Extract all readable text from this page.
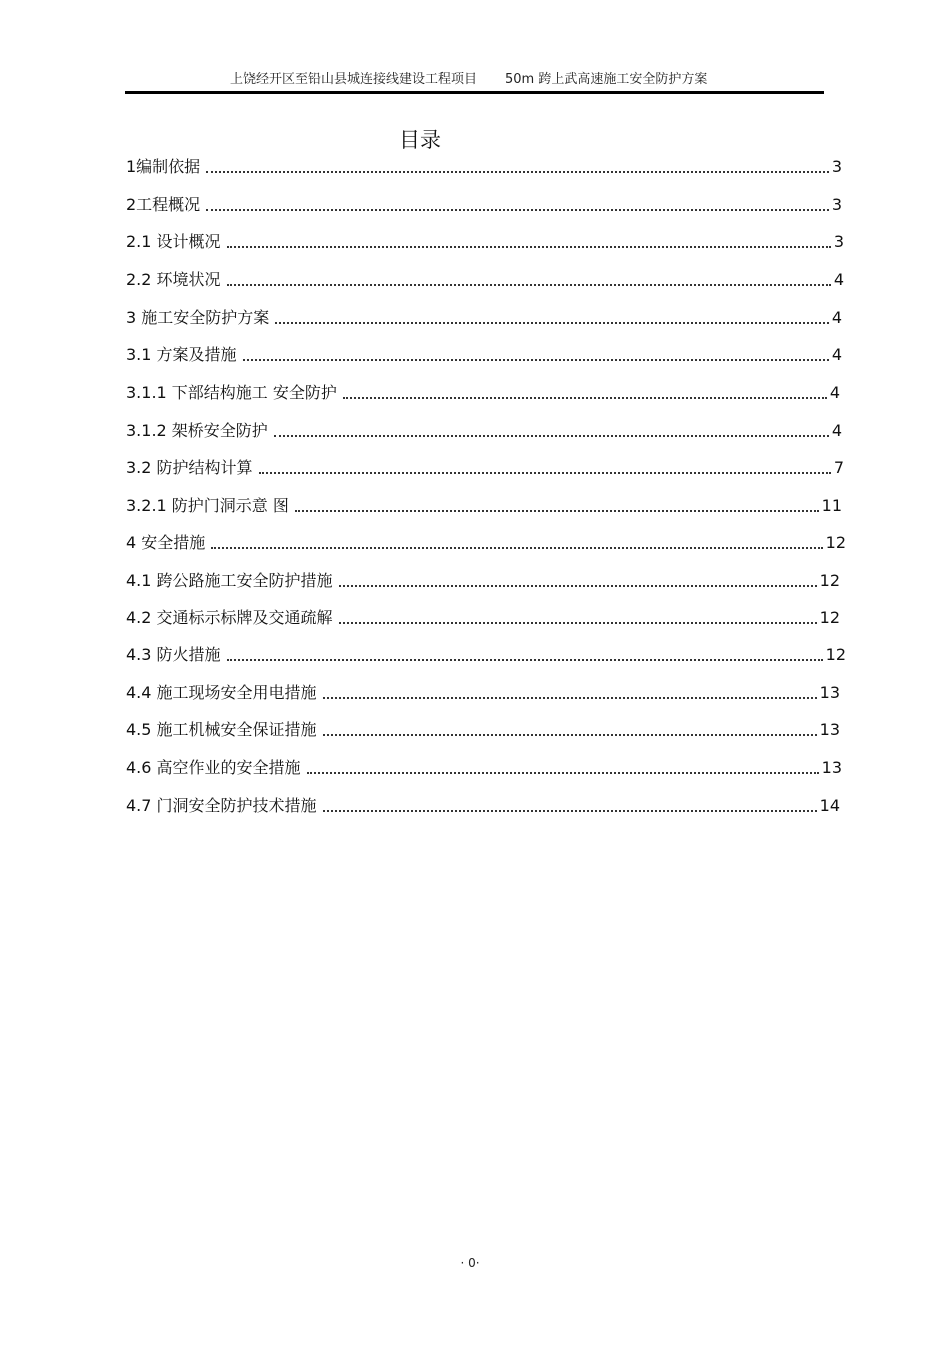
上饶经开区至铅山县城连接线建设工程项目 50m 跨上武高速施工安全防护方案
目录
1编制依据	3
2工程概况	3
2.1 设计概况	3
2.2 环境状况	4
3 施工安全防护方案	4
3.1 方案及措施	4
3.1.1 下部结构施工 安全防护	4
3.1.2 架桥安全防护	4
3.2 防护结构计算	7
3.2.1 防护门洞示意 图	11
4 安全措施	12
4.1 跨公路施工安全防护措施	12
4.2 交通标示标牌及交通疏解	12
4.3 防火措施	12
4.4 施工现场安全用电措施	13
4.5 施工机械安全保证措施	13
4.6 高空作业的安全措施	13
4.7 门洞安全防护技术措施	14
· 0·
